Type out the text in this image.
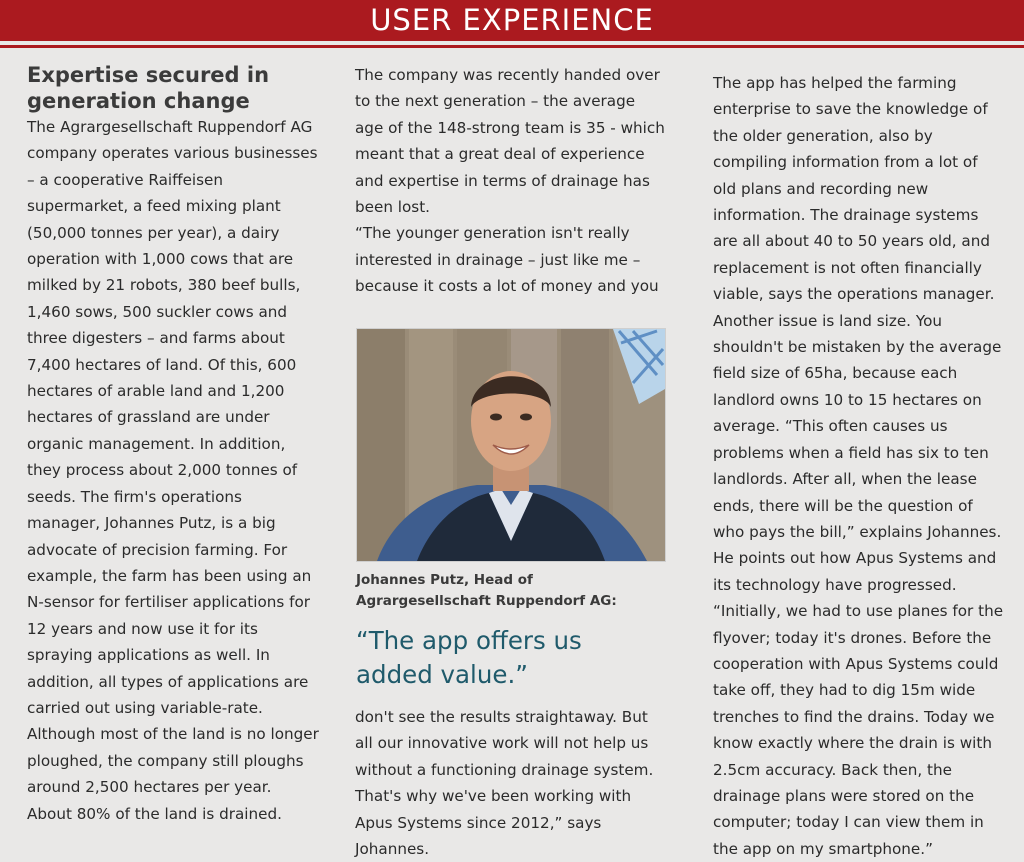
USER EXPERIENCE

Expertise secured in generation change

The Agrargesellschaft Ruppendorf AG company operates various businesses – a cooperative Raiffeisen supermarket, a feed mixing plant (50,000 tonnes per year), a dairy operation with 1,000 cows that are milked by 21 robots, 380 beef bulls, 1,460 sows, 500 suckler cows and three digesters – and farms about 7,400 hectares of land. Of this, 600 hectares of arable land and 1,200 hectares of grassland are under organic management. In addition, they process about 2,000 tonnes of seeds. The firm's operations manager, Johannes Putz, is a big advocate of precision farming. For example, the farm has been using an N-sensor for fertiliser applications for 12 years and now use it for its spraying applications as well. In addition, all types of applications are carried out using variable-rate. Although most of the land is no longer ploughed, the company still ploughs around 2,500 hectares per year. About 80% of the land is drained.

The company was recently handed over to the next generation – the average age of the 148-strong team is 35 - which meant that a great deal of experience and expertise in terms of drainage has been lost.

“The younger generation isn't really interested in drainage – just like me – because it costs a lot of money and you

Johannes Putz, Head of Agrargesellschaft Ruppendorf AG:
“The app offers us added value.”

don't see the results straightaway. But all our innovative work will not help us without a functioning drainage system. That's why we've been working with Apus Systems since 2012,” says Johannes.

The app has helped the farming enterprise to save the knowledge of the older generation, also by compiling information from a lot of old plans and recording new information. The drainage systems are all about 40 to 50 years old, and replacement is not often financially viable, says the operations manager. Another issue is land size. You shouldn't be mistaken by the average field size of 65ha, because each landlord owns 10 to 15 hectares on average. “This often causes us problems when a field has six to ten landlords. After all, when the lease ends, there will be the question of who pays the bill,” explains Johannes.

He points out how Apus Systems and its technology have progressed. “Initially, we had to use planes for the flyover; today it's drones. Before the cooperation with Apus Systems could take off, they had to dig 15m wide trenches to find the drains. Today we know exactly where the drain is with 2.5cm accuracy. Back then, the drainage plans were stored on the computer; today I can view them in the app on my smartphone.”
